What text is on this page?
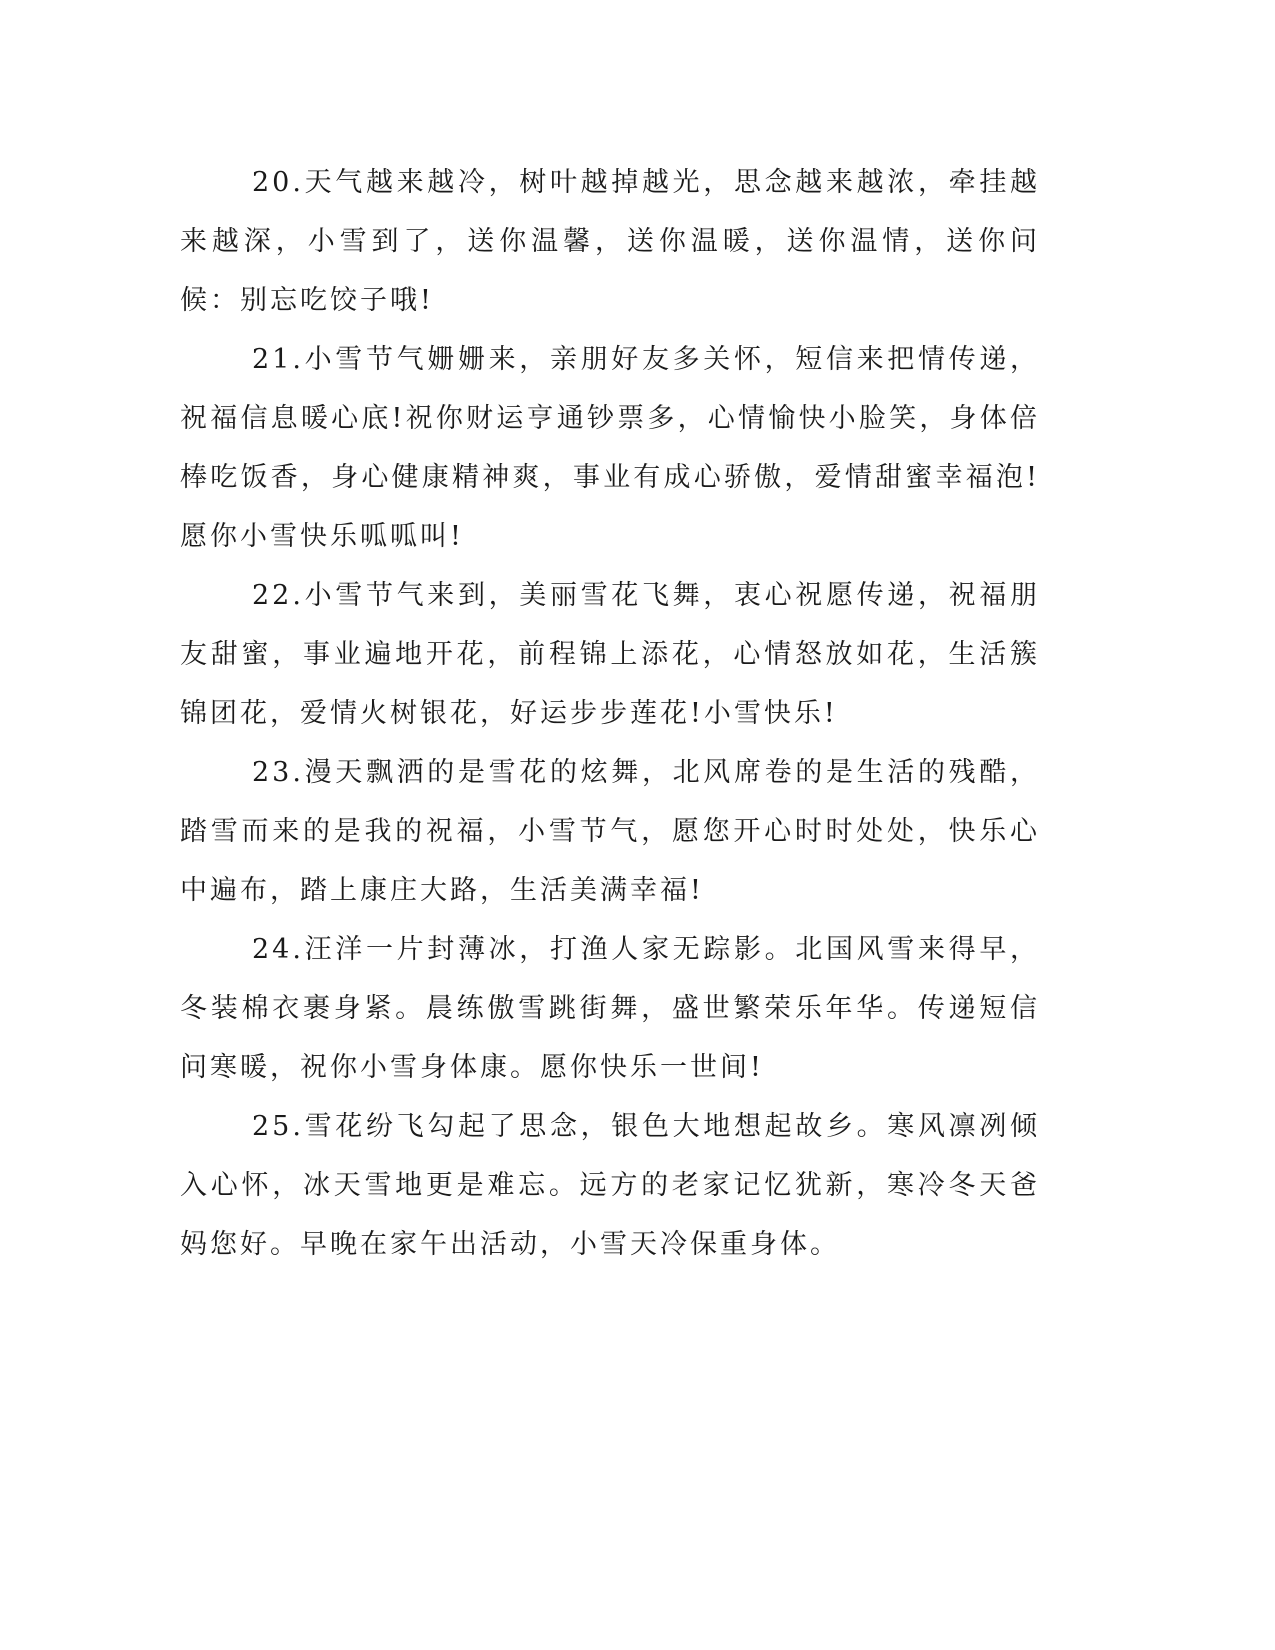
20.天气越来越冷，树叶越掉越光，思念越来越浓，牵挂越来越深，小雪到了，送你温馨，送你温暖，送你温情，送你问候：别忘吃饺子哦!

21.小雪节气姗姗来，亲朋好友多关怀，短信来把情传递，祝福信息暖心底!祝你财运亨通钞票多，心情愉快小脸笑，身体倍棒吃饭香，身心健康精神爽，事业有成心骄傲，爱情甜蜜幸福泡!愿你小雪快乐呱呱叫!

22.小雪节气来到，美丽雪花飞舞，衷心祝愿传递，祝福朋友甜蜜，事业遍地开花，前程锦上添花，心情怒放如花，生活簇锦团花，爱情火树银花，好运步步莲花!小雪快乐!

23.漫天飘洒的是雪花的炫舞，北风席卷的是生活的残酷，踏雪而来的是我的祝福，小雪节气，愿您开心时时处处，快乐心中遍布，踏上康庄大路，生活美满幸福!

24.汪洋一片封薄冰，打渔人家无踪影。北国风雪来得早，冬装棉衣裹身紧。晨练傲雪跳街舞，盛世繁荣乐年华。传递短信问寒暖，祝你小雪身体康。愿你快乐一世间!

25.雪花纷飞勾起了思念，银色大地想起故乡。寒风凛冽倾入心怀，冰天雪地更是难忘。远方的老家记忆犹新，寒冷冬天爸妈您好。早晚在家午出活动，小雪天冷保重身体。
